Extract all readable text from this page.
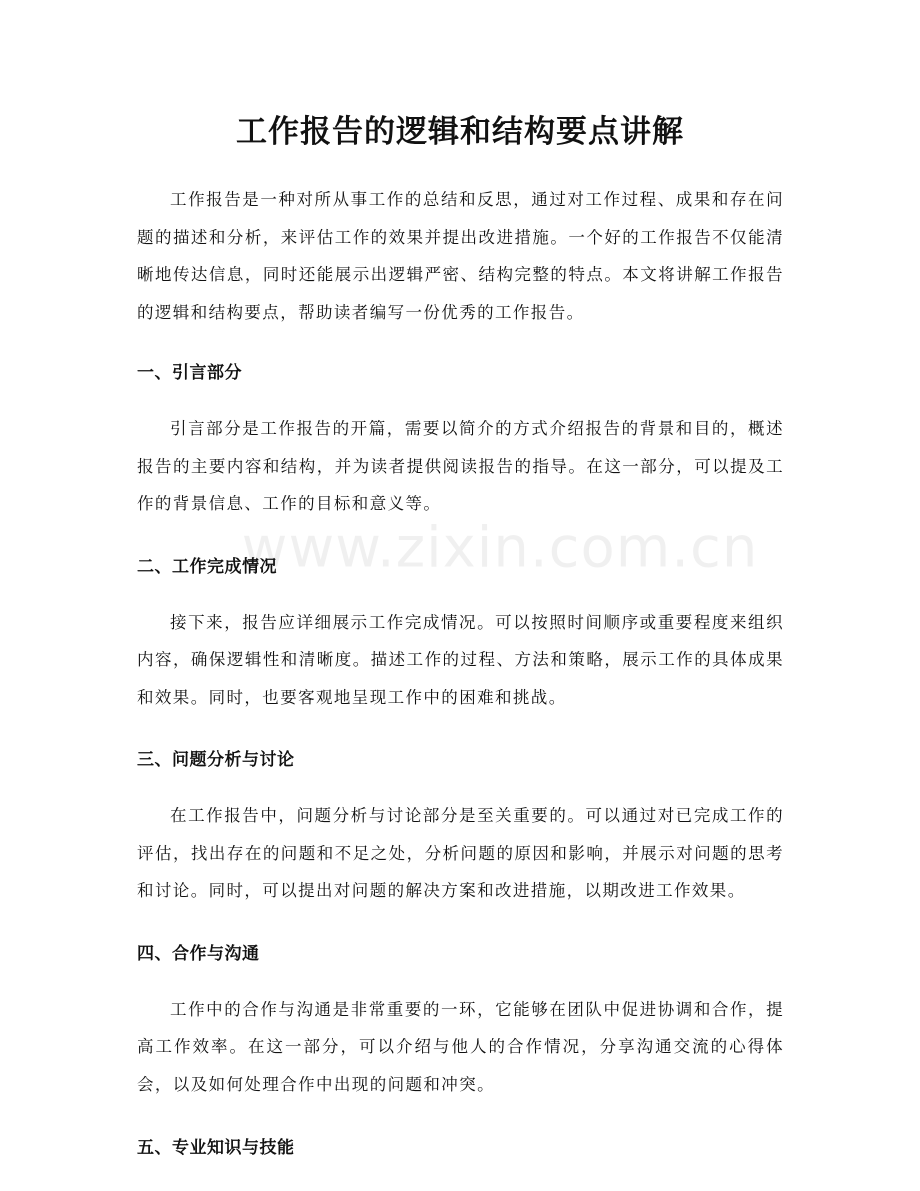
www.zixin.com.cn
工作报告的逻辑和结构要点讲解

工作报告是一种对所从事工作的总结和反思，通过对工作过程、成果和存在问题的描述和分析，来评估工作的效果并提出改进措施。一个好的工作报告不仅能清晰地传达信息，同时还能展示出逻辑严密、结构完整的特点。本文将讲解工作报告的逻辑和结构要点，帮助读者编写一份优秀的工作报告。

一、引言部分

引言部分是工作报告的开篇，需要以简介的方式介绍报告的背景和目的，概述报告的主要内容和结构，并为读者提供阅读报告的指导。在这一部分，可以提及工作的背景信息、工作的目标和意义等。

二、工作完成情况

接下来，报告应详细展示工作完成情况。可以按照时间顺序或重要程度来组织内容，确保逻辑性和清晰度。描述工作的过程、方法和策略，展示工作的具体成果和效果。同时，也要客观地呈现工作中的困难和挑战。

三、问题分析与讨论

在工作报告中，问题分析与讨论部分是至关重要的。可以通过对已完成工作的评估，找出存在的问题和不足之处，分析问题的原因和影响，并展示对问题的思考和讨论。同时，可以提出对问题的解决方案和改进措施，以期改进工作效果。

四、合作与沟通

工作中的合作与沟通是非常重要的一环，它能够在团队中促进协调和合作，提高工作效率。在这一部分，可以介绍与他人的合作情况，分享沟通交流的心得体会，以及如何处理合作中出现的问题和冲突。

五、专业知识与技能
